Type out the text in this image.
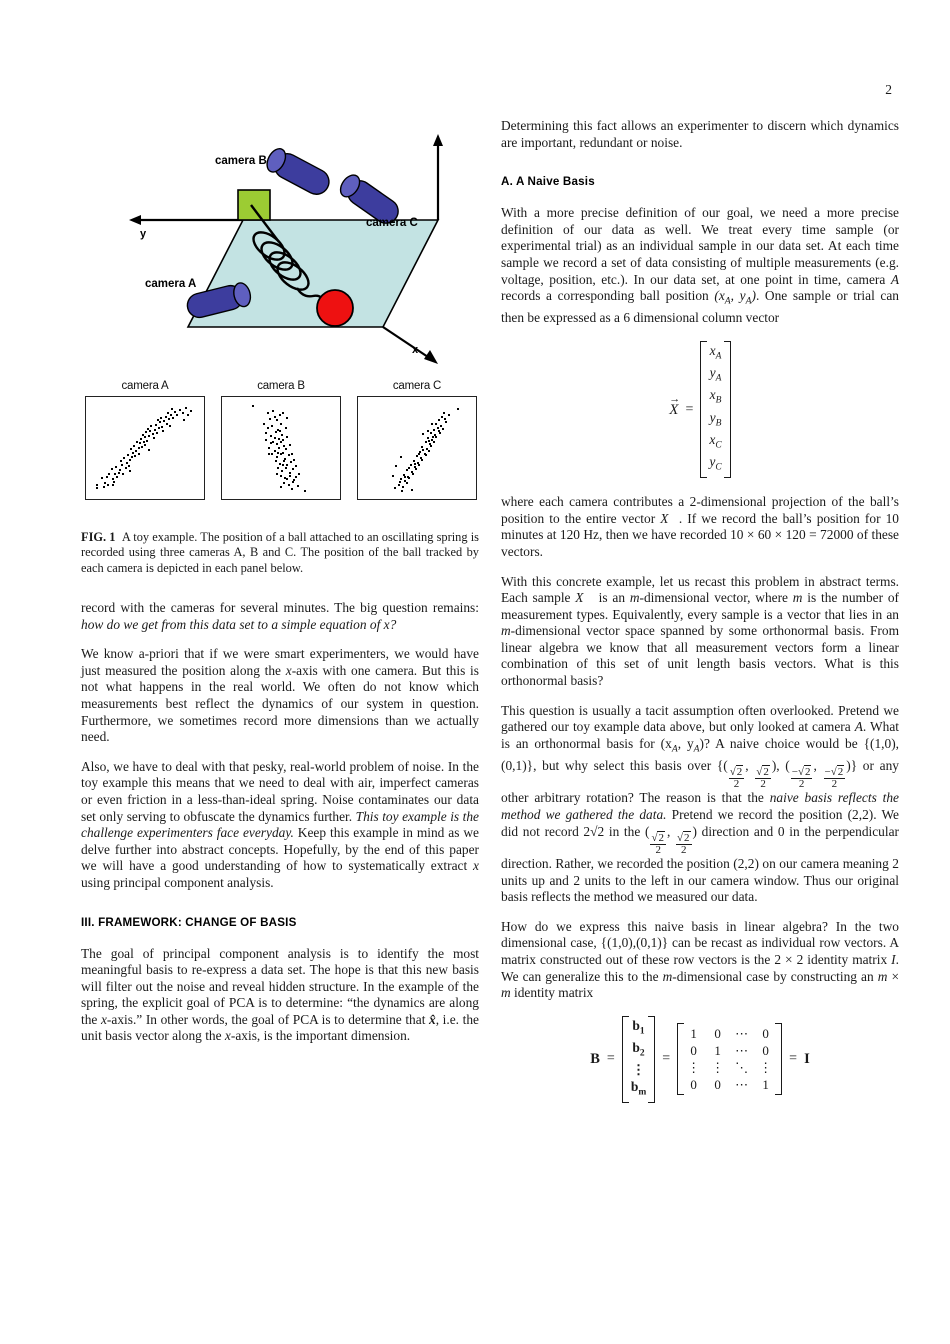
2
camera B
camera C
camera A
y
x
camera A	camera B	camera C

FIG. 1 A toy example. The position of a ball attached to an oscillating spring is recorded using three cameras A, B and C. The position of the ball tracked by each camera is depicted in each panel below.

record with the cameras for several minutes. The big question remains: how do we get from this data set to a simple equation of x?

We know a-priori that if we were smart experimenters, we would have just measured the position along the x-axis with one camera. But this is not what happens in the real world. We often do not know which measurements best reflect the dynamics of our system in question. Furthermore, we sometimes record more dimensions than we actually need.

Also, we have to deal with that pesky, real-world problem of noise. In the toy example this means that we need to deal with air, imperfect cameras or even friction in a less-than-ideal spring. Noise contaminates our data set only serving to obfuscate the dynamics further. This toy example is the challenge experimenters face everyday. Keep this example in mind as we delve further into abstract concepts. Hopefully, by the end of this paper we will have a good understanding of how to systematically extract x using principal component analysis.

III. FRAMEWORK: CHANGE OF BASIS

The goal of principal component analysis is to identify the most meaningful basis to re-express a data set. The hope is that this new basis will filter out the noise and reveal hidden structure. In the example of the spring, the explicit goal of PCA is to determine: “the dynamics are along the x-axis.” In other words, the goal of PCA is to determine that x̂, i.e. the unit basis vector along the x-axis, is the important dimension.

Determining this fact allows an experimenter to discern which dynamics are important, redundant or noise.

A. A Naive Basis

With a more precise definition of our goal, we need a more precise definition of our data as well. We treat every time sample (or experimental trial) as an individual sample in our data set. At each time sample we record a set of data consisting of multiple measurements (e.g. voltage, position, etc.). In our data set, at one point in time, camera A records a corresponding ball position ($x_A$, $y_A$). One sample or trial can then be expressed as a 6 dimensional column vector

→
X =
$x_A$
$y_A$
$x_B$
$y_B$
$x_C$
$y_C$

where each camera contributes a 2-dimensional projection of the ball’s position to the entire vector X⃗. If we record the ball’s position for 10 minutes at 120 Hz, then we have recorded 10 × 60 × 120 = 72000 of these vectors.

With this concrete example, let us recast this problem in abstract terms. Each sample X⃗ is an m-dimensional vector, where m is the number of measurement types. Equivalently, every sample is a vector that lies in an m-dimensional vector space spanned by some orthonormal basis. From linear algebra we know that all measurement vectors form a linear combination of this set of unit length basis vectors. What is this orthonormal basis?

This question is usually a tacit assumption often overlooked. Pretend we gathered our toy example data above, but only looked at camera A. What is an orthonormal basis for ($x_A$, $y_A$)? A naive choice would be {(1,0),(0,1)}, but why select this basis over {(
$\frac{√2}{2}$
,
$\frac{√2}{2}$
), (
$\frac{-√2}{2}$
,
$\frac{-√2}{2}$
)} or any other arbitrary rotation? The reason is that the naive basis reflects the method we gathered the data. Pretend we record the position (2,2). We did not record 2√2 in the (
$\frac{√2}{2}$
,
$\frac{√2}{2}$
) direction and 0 in the perpendicular direction. Rather, we recorded the position (2,2) on our camera meaning 2 units up and 2 units to the left in our camera window. Thus our original basis reflects the method we measured our data.

How do we express this naive basis in linear algebra? In the two dimensional case, {(1,0),(0,1)} can be recast as individual row vectors. A matrix constructed out of these row vectors is the 2 × 2 identity matrix I. We can generalize this to the m-dimensional case by constructing an m × m identity matrix

B =
$b_1$
$b_2$
⋮
$b_m$
=
1	0	⋯	0
0	1	⋯	0
⋮ ⋮ ⋱ ⋮
0	0	⋯	1
= I
